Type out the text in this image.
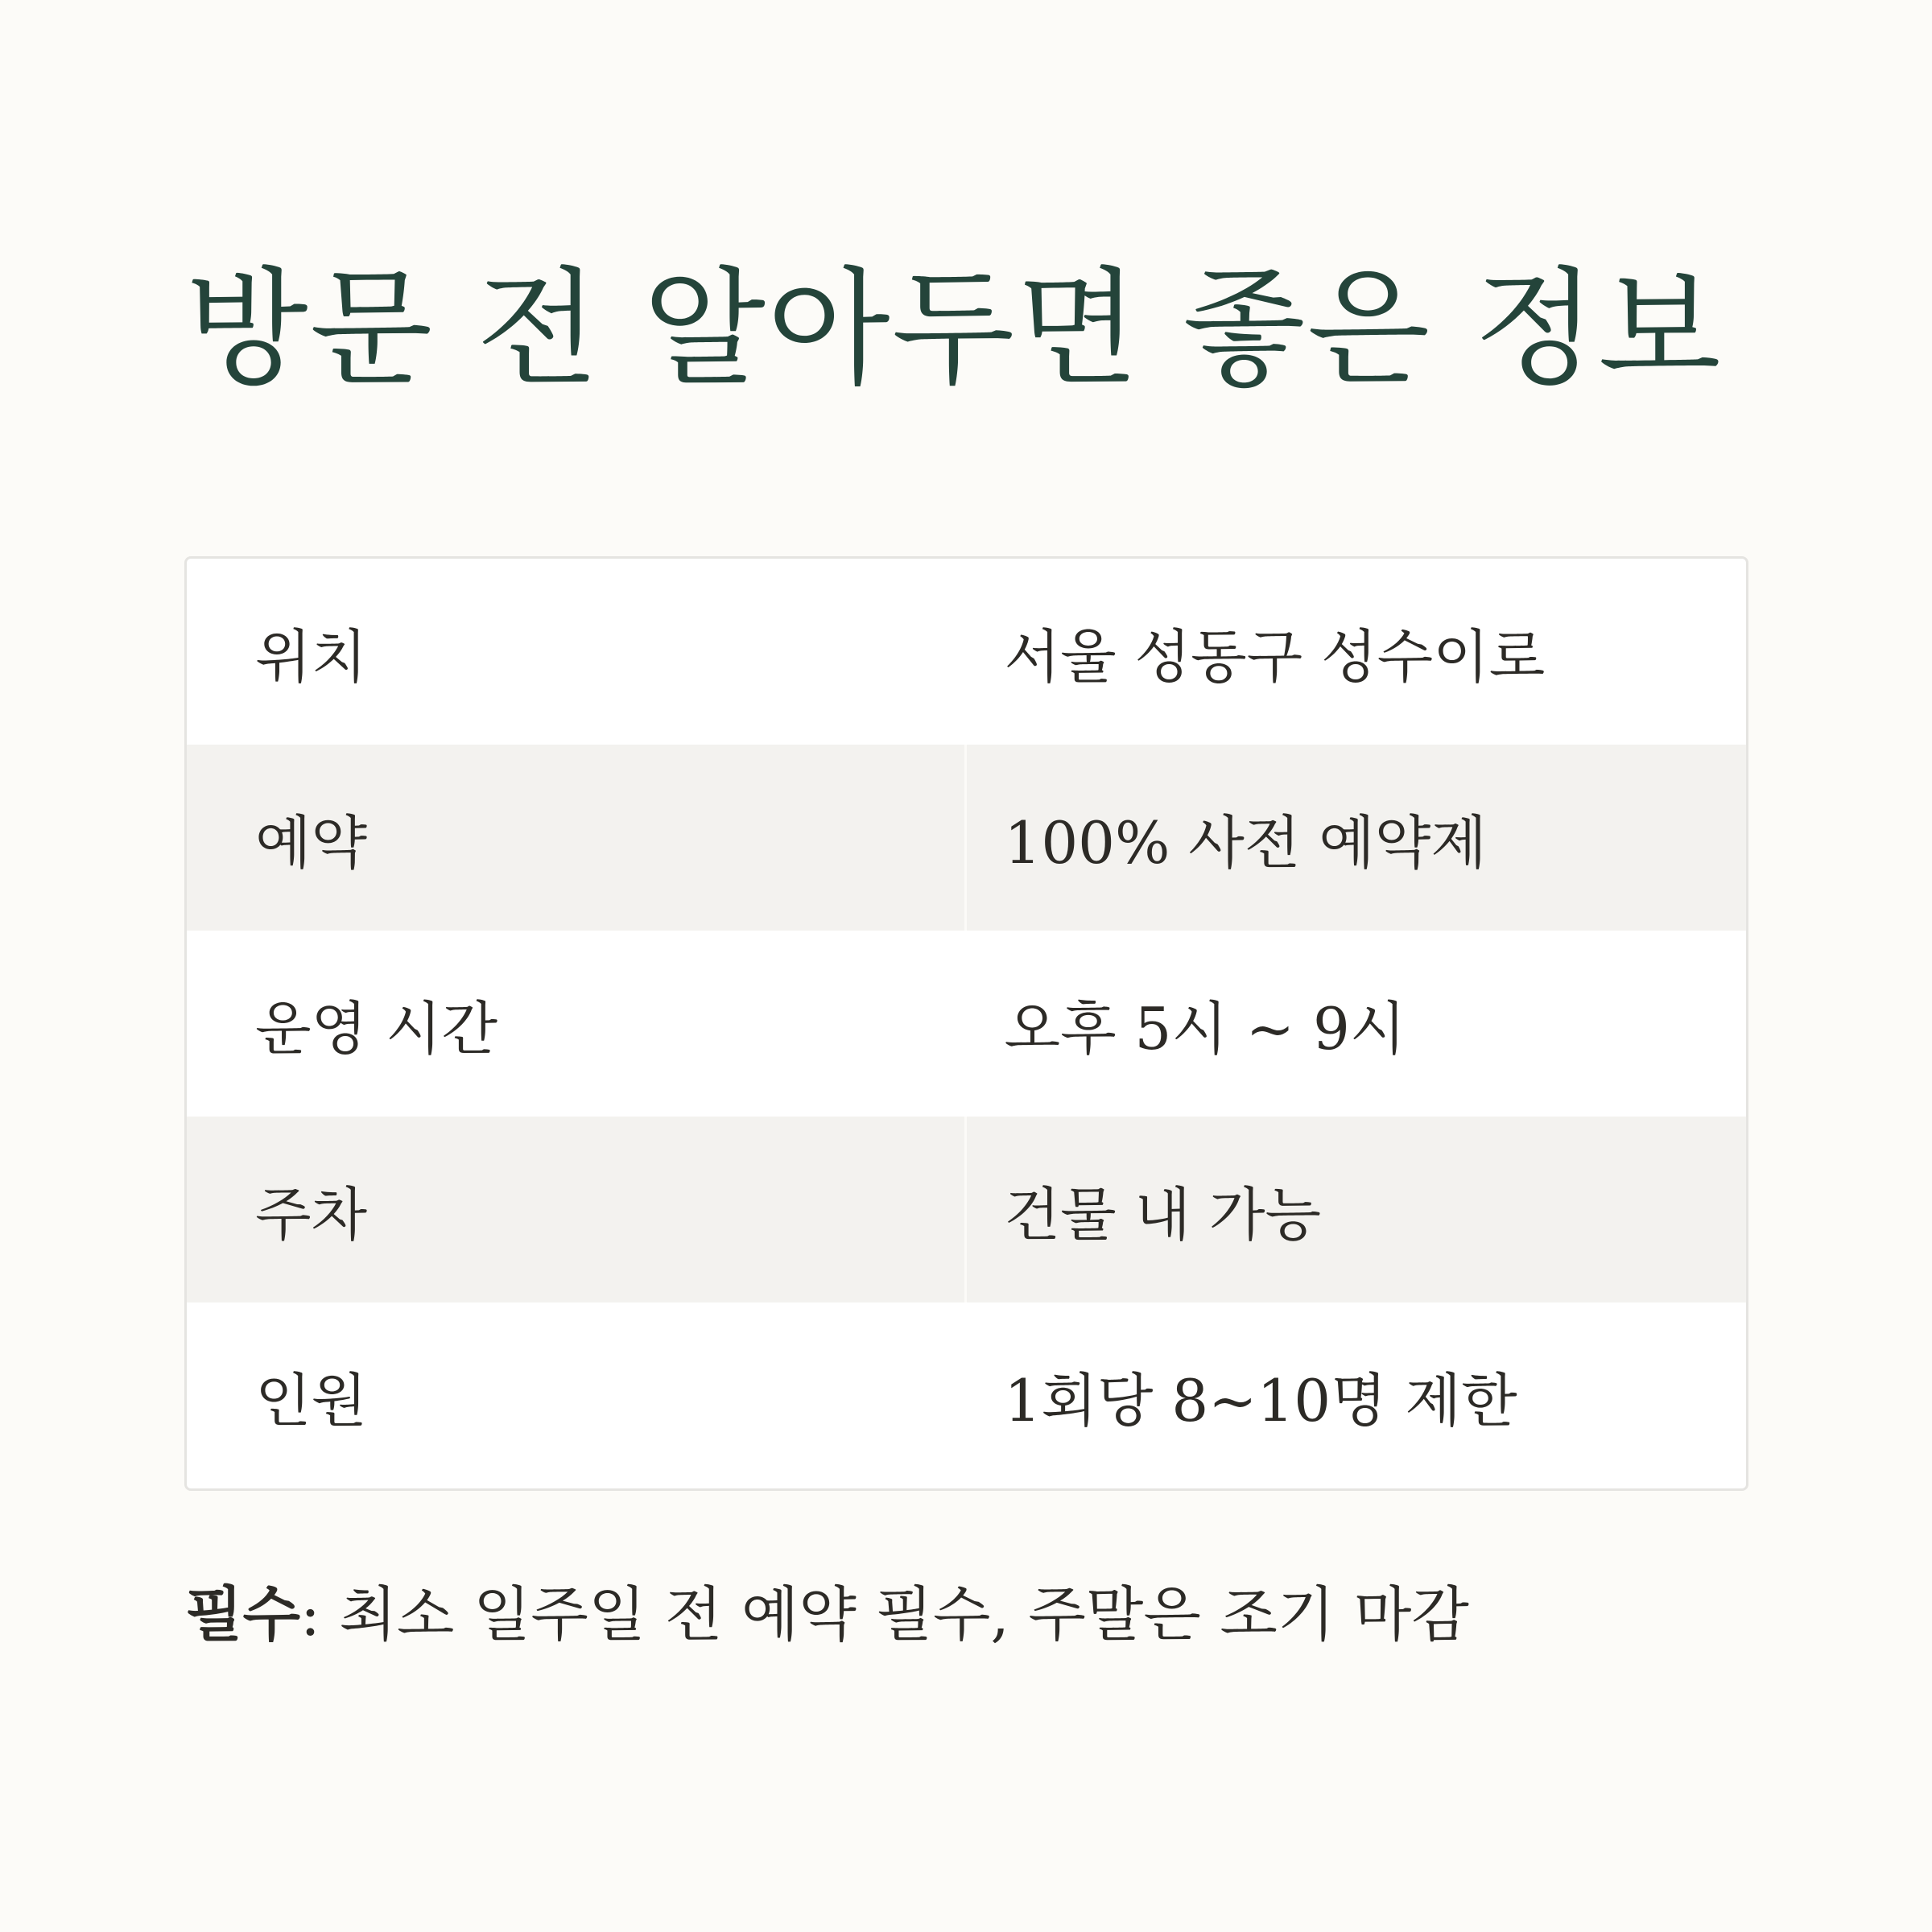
방문 전 알아두면 좋은 정보
위치	서울 성동구 성수이로
예약	100% 사전 예약제
운영 시간	오후 5시 ~ 9시
주차	건물 내 가능
인원	1회당 8~10명 제한

필수: 최소 일주일 전 예약 필수, 주말은 조기 마감
